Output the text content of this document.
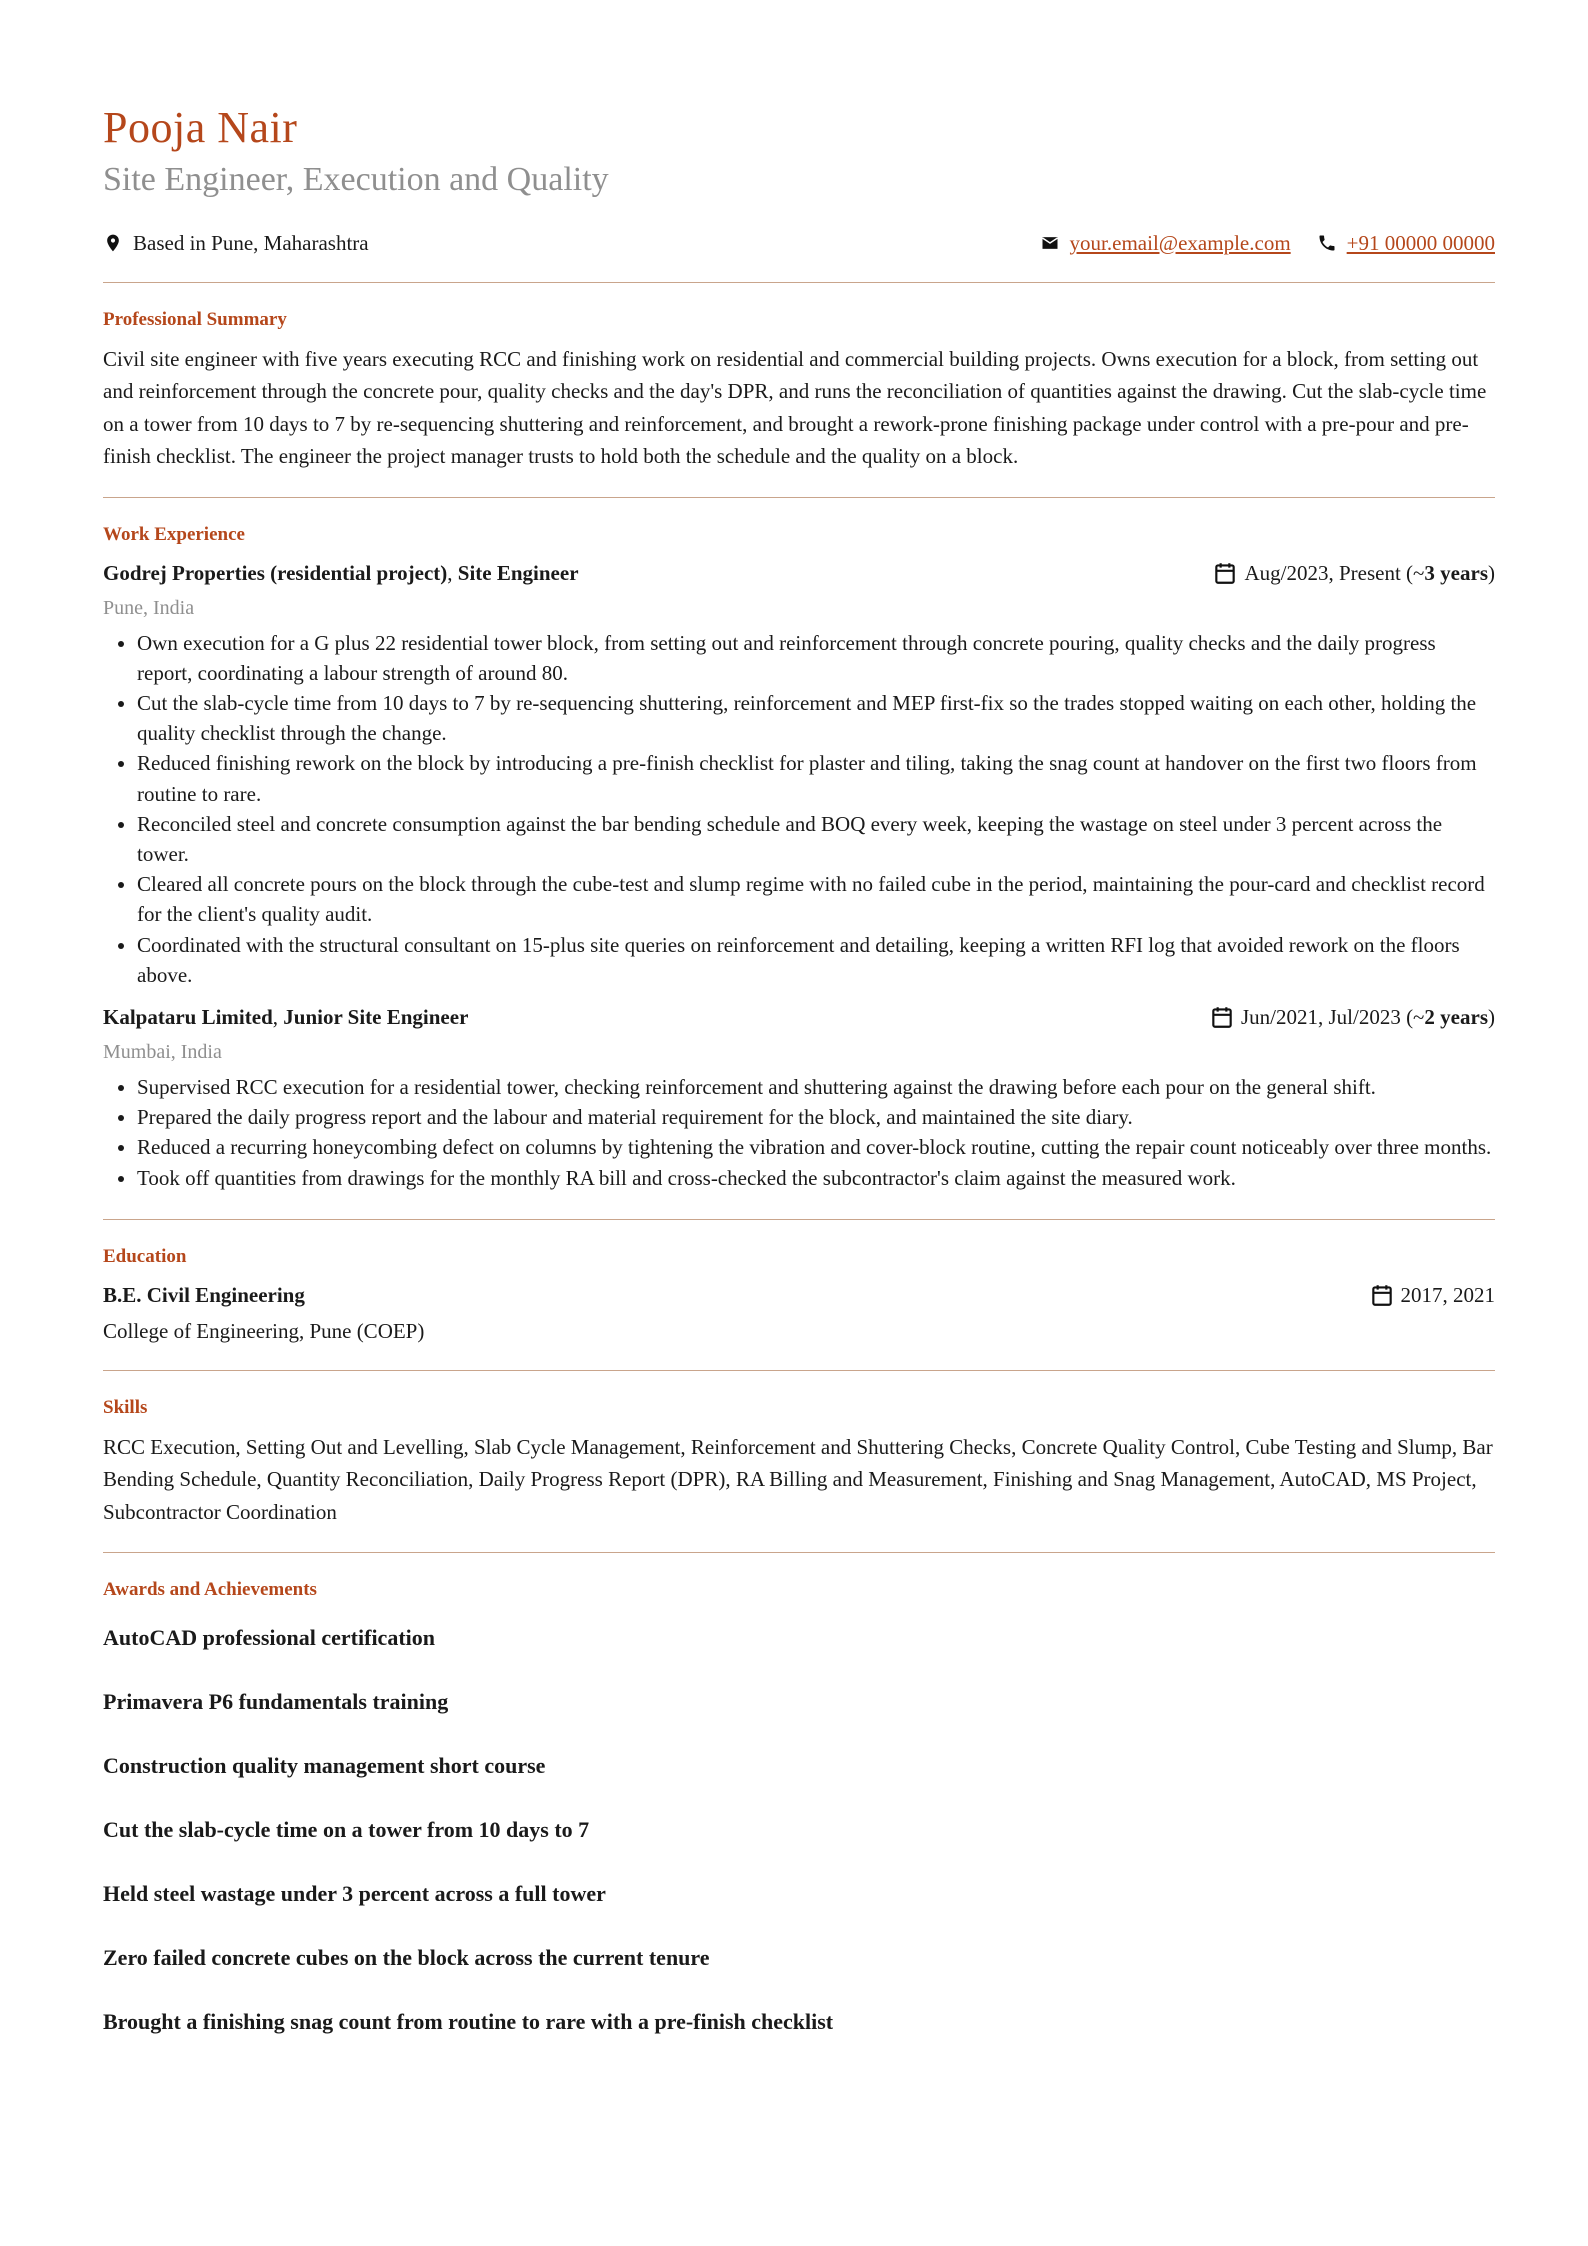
Pooja Nair
Site Engineer, Execution and Quality
Based in Pune, Maharashtra	your.email@example.com	+91 00000 00000
Professional Summary
Civil site engineer with five years executing RCC and finishing work on residential and commercial building projects. Owns execution for a block, from setting out and reinforcement through the concrete pour, quality checks and the day's DPR, and runs the reconciliation of quantities against the drawing. Cut the slab-cycle time on a tower from 10 days to 7 by re-sequencing shuttering and reinforcement, and brought a rework-prone finishing package under control with a pre-pour and pre-finish checklist. The engineer the project manager trusts to hold both the schedule and the quality on a block.
Work Experience
Godrej Properties (residential project), Site Engineer	Aug/2023, Present (~ 3 years )
Pune, India
• Own execution for a G plus 22 residential tower block, from setting out and reinforcement through concrete pouring, quality checks and the daily progress report, coordinating a labour strength of around 80.
• Cut the slab-cycle time from 10 days to 7 by re-sequencing shuttering, reinforcement and MEP first-fix so the trades stopped waiting on each other, holding the quality checklist through the change.
• Reduced finishing rework on the block by introducing a pre-finish checklist for plaster and tiling, taking the snag count at handover on the first two floors from routine to rare.
• Reconciled steel and concrete consumption against the bar bending schedule and BOQ every week, keeping the wastage on steel under 3 percent across the tower.
• Cleared all concrete pours on the block through the cube-test and slump regime with no failed cube in the period, maintaining the pour-card and checklist record for the client's quality audit.
• Coordinated with the structural consultant on 15-plus site queries on reinforcement and detailing, keeping a written RFI log that avoided rework on the floors above.
Kalpataru Limited, Junior Site Engineer	Jun/2021, Jul/2023 (~ 2 years )
Mumbai, India
• Supervised RCC execution for a residential tower, checking reinforcement and shuttering against the drawing before each pour on the general shift.
• Prepared the daily progress report and the labour and material requirement for the block, and maintained the site diary.
• Reduced a recurring honeycombing defect on columns by tightening the vibration and cover-block routine, cutting the repair count noticeably over three months.
• Took off quantities from drawings for the monthly RA bill and cross-checked the subcontractor's claim against the measured work.
Education
B.E. Civil Engineering	2017, 2021
College of Engineering, Pune (COEP)
Skills
RCC Execution, Setting Out and Levelling, Slab Cycle Management, Reinforcement and Shuttering Checks, Concrete Quality Control, Cube Testing and Slump, Bar Bending Schedule, Quantity Reconciliation, Daily Progress Report (DPR), RA Billing and Measurement, Finishing and Snag Management, AutoCAD, MS Project, Subcontractor Coordination
Awards and Achievements
AutoCAD professional certification
Primavera P6 fundamentals training
Construction quality management short course
Cut the slab-cycle time on a tower from 10 days to 7
Held steel wastage under 3 percent across a full tower
Zero failed concrete cubes on the block across the current tenure
Brought a finishing snag count from routine to rare with a pre-finish checklist
